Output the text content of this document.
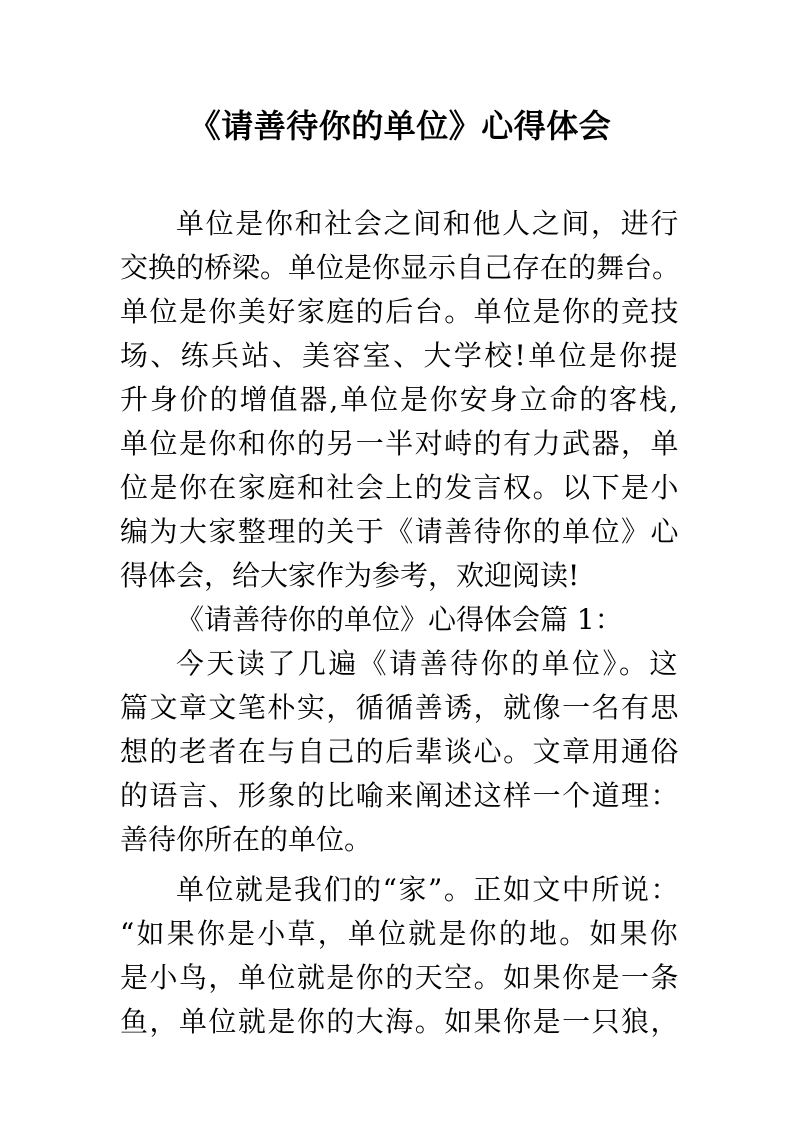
《请善待你的单位》心得体会
单位是你和社会之间和他人之间，进行
交换的桥梁。单位是你显示自己存在的舞台。
单位是你美好家庭的后台。单位是你的竞技
场、练兵站、美容室、大学校!单位是你提
升身价的增值器,单位是你安身立命的客栈,
单位是你和你的另一半对峙的有力武器，单
位是你在家庭和社会上的发言权。以下是小
编为大家整理的关于《请善待你的单位》心
得体会，给大家作为参考，欢迎阅读!
《请善待你的单位》心得体会篇 1：
今天读了几遍《请善待你的单位》。这
篇文章文笔朴实，循循善诱，就像一名有思
想的老者在与自己的后辈谈心。文章用通俗
的语言、形象的比喻来阐述这样一个道理：
善待你所在的单位。
单位就是我们的“家”。正如文中所说：
“如果你是小草，单位就是你的地。如果你
是小鸟，单位就是你的天空。如果你是一条
鱼，单位就是你的大海。如果你是一只狼，
